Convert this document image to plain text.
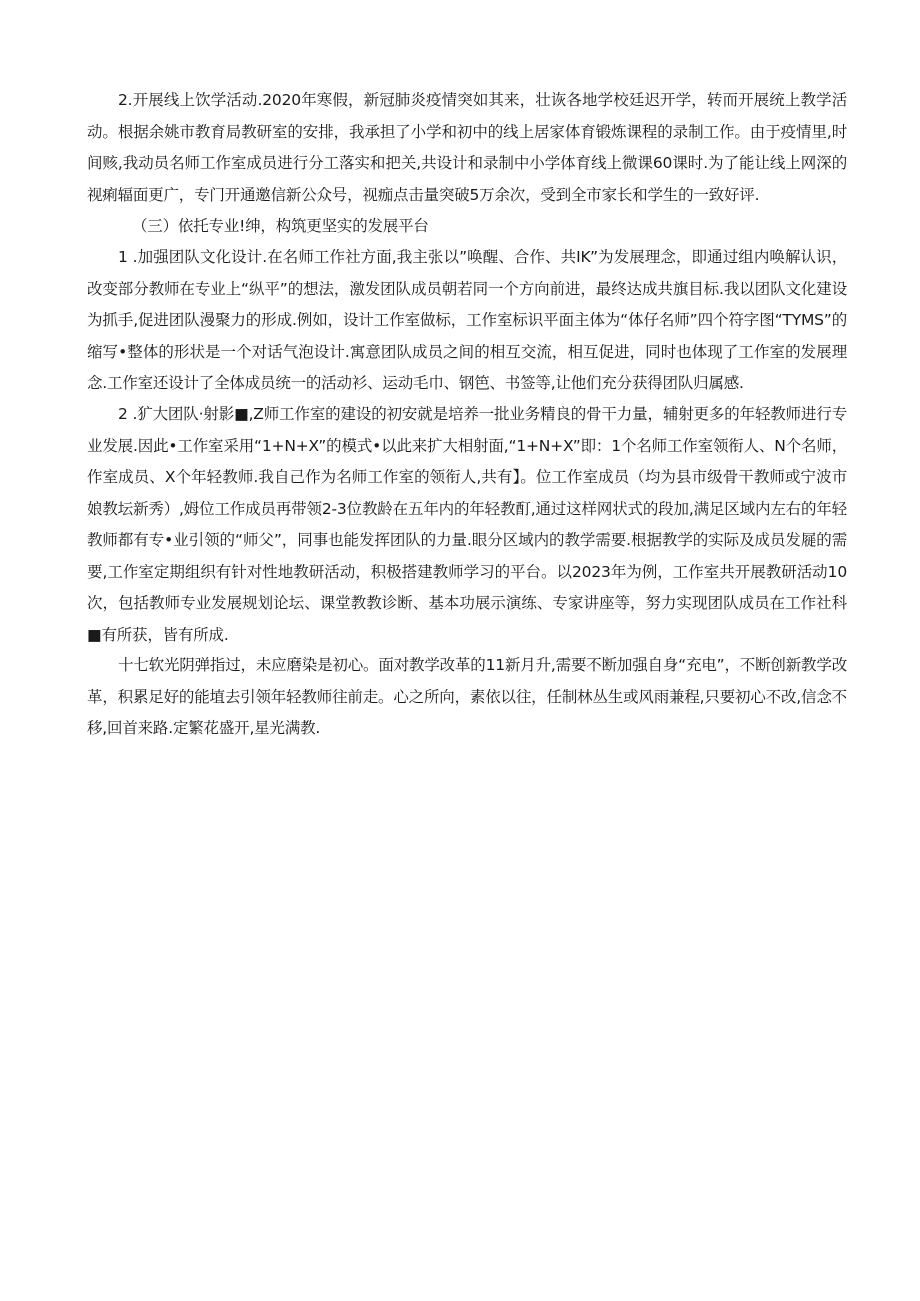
2.开展线上饮学活动.2020年寒假，新冠肺炎疫情突如其来，壮诙各地学校廷迟开学，转而开展统上教学活动。根据余姚市教育局教研室的安排，我承担了小学和初中的线上居家体育锻炼课程的录制工作。由于疫情里,时间赅,我动员名师工作室成员进行分工落实和把关,共设计和录制中小学体育线上微课60课时.为了能让线上网深的视痢辐面更广，专门开通邀信新公众号，视痂点击量突破5万余次，受到全市家长和学生的一致好评.

（三）依托专业!绅，构筑更坚实的发展平台

1 .加强团队文化设计.在名师工作社方面,我主张以”唤醒、合作、共IK”为发展理念，即通过组内唤解认识，改变部分教师在专业上“纵平”的想法，激发团队成员朝若同一个方向前进，最终达成共旗目标.我以团队文化建设为抓手,促进团队漫聚力的形成.例如，设计工作室做标，工作室标识平面主体为“体仔名师”四个符字图“TYMS”的缩写•整体的形状是一个对话气泡设计.寓意团队成员之间的相互交流，相互促进，同时也体现了工作室的发展理念.工作室还设计了全体成员统一的活动衫、运动毛巾、钢笆、书签等,让他们充分获得团队归属感.

2 .犷大团队·射影■,Z师工作室的建设的初安就是培养一批业务精良的骨干力量，辅射更多的年轻教师进行专业发展.因此•工作室采用“1+N+X”的模式•以此来扩大相射面,“1+N+X”即：1个名师工作室领衔人、N个名师，作室成员、X个年轻教师.我自己作为名师工作室的领衔人,共有】。位工作室成员（均为县市级骨干教师或宁波市娘教坛新秀）,姆位工作成员再带领2-3位教龄在五年内的年轻教酊,通过这样网状式的段加,满足区域内左右的年轻教师都有专•业引领的“师父”，同事也能发挥团队的力量.眼分区域内的教学需要.根据教学的实际及成员发屣的需要,工作室定期组织有针对性地教研活动，积极搭建教师学习的平台。以2023年为例，工作室共开展教研活动10次，包括教师专业发展规划论坛、课堂教教诊断、基本功展示演练、专家讲座等，努力实现团队成员在工作社科■有所获，皆有所成.

十七软光阴弹指过，未应磨染是初心。面对教学改革的11新月升,需要不断加强自身“充电”，不断创新教学改革，积累足好的能埴去引领年轻教师往前走。心之所向，素依以往，任制林丛生或风雨兼程,只要初心不改,信念不移,回首来路.定繁花盛开,星光满教.
